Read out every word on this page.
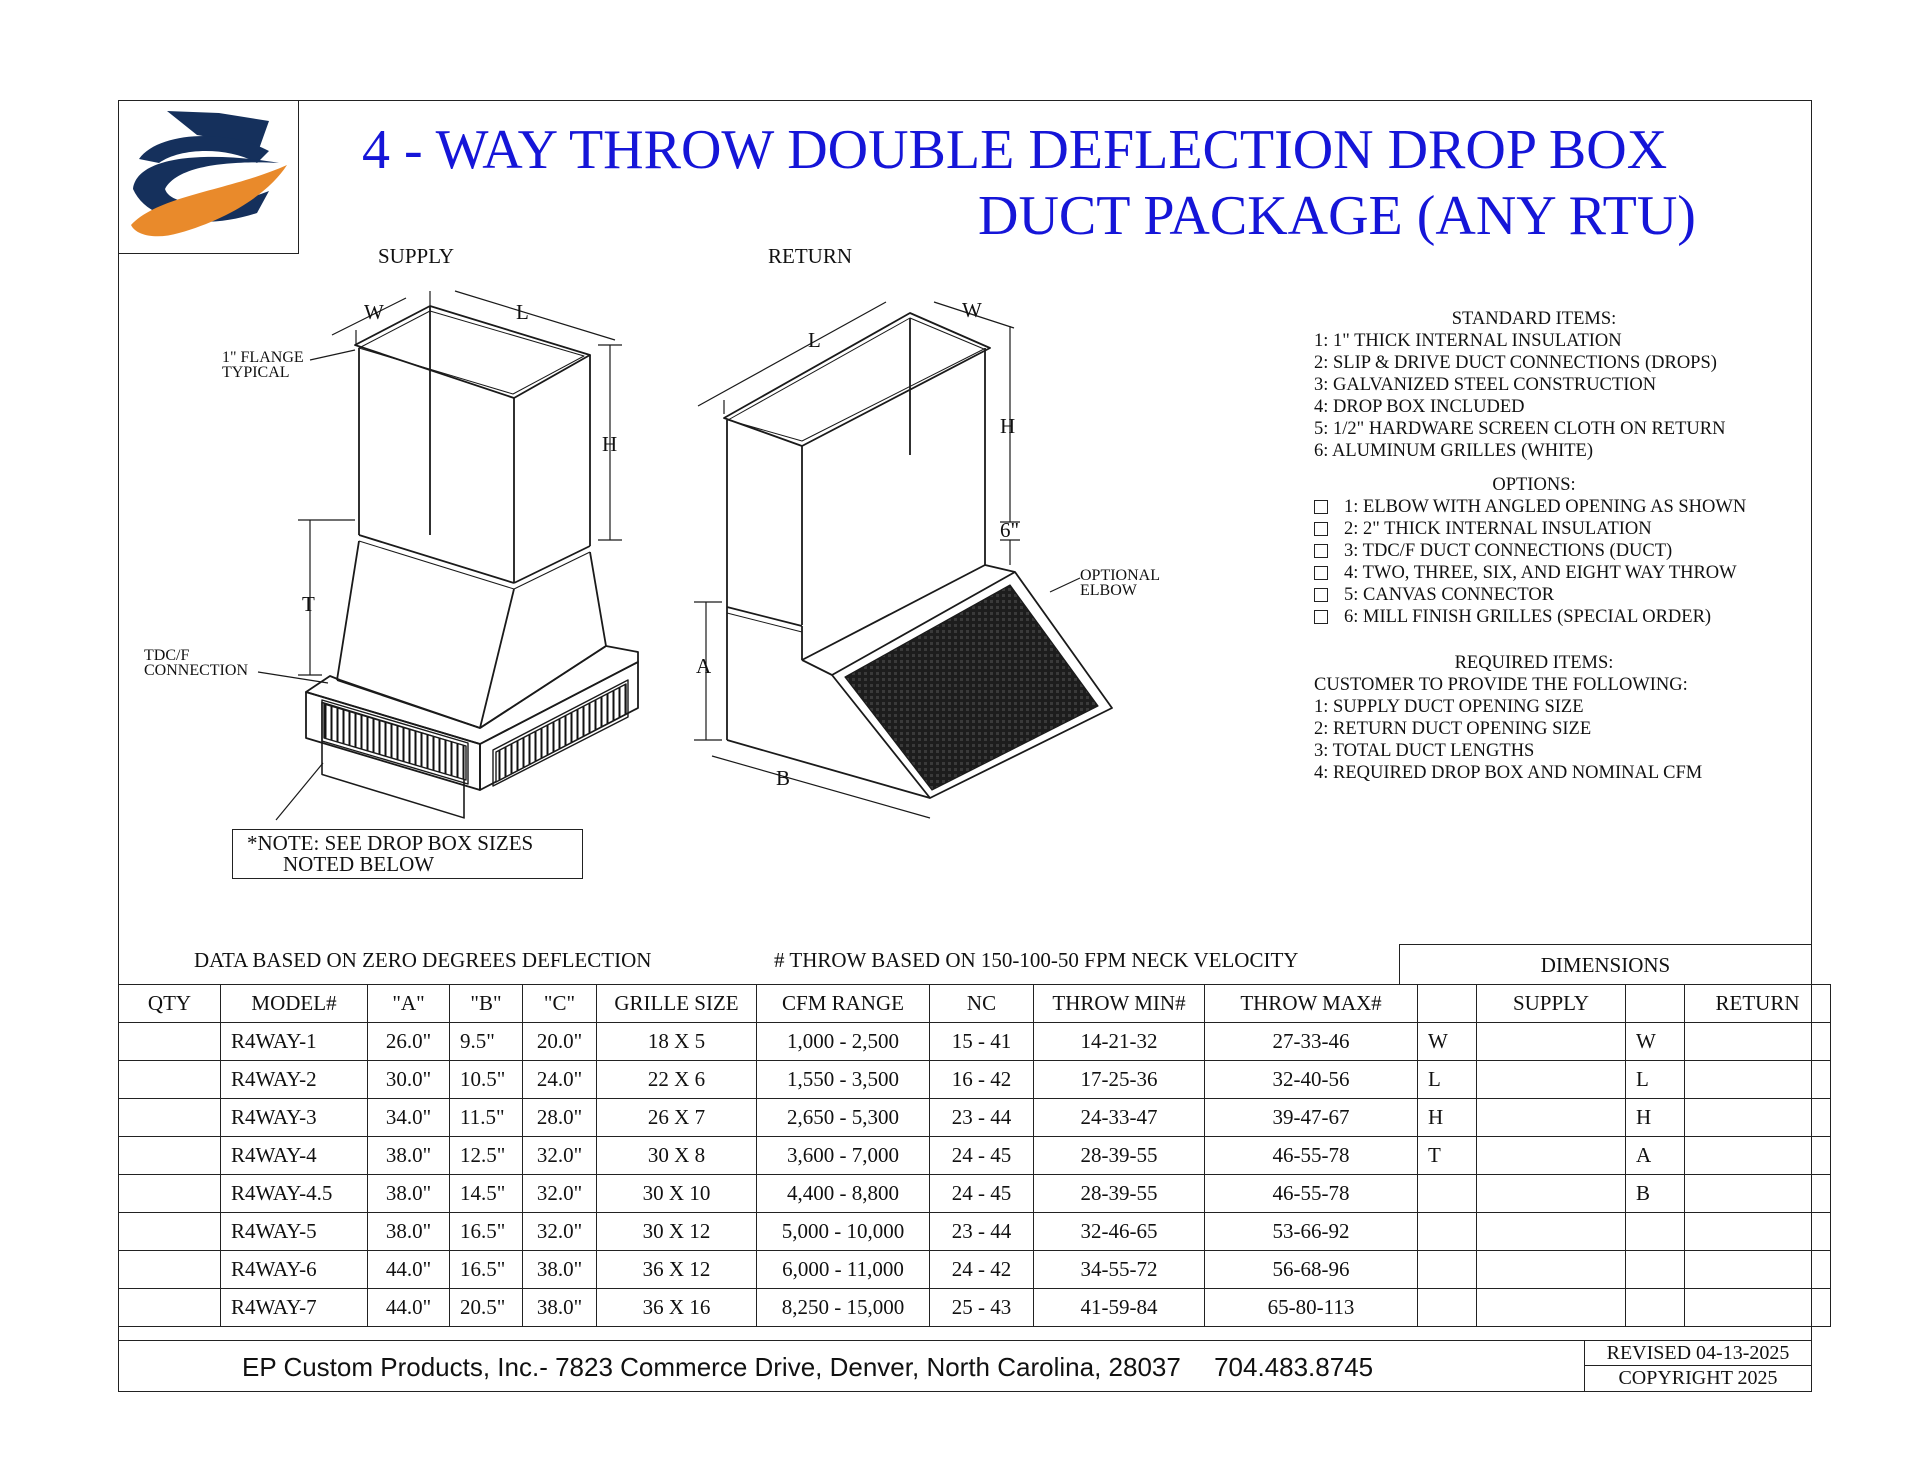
4 - WAY THROW DOUBLE DEFLECTION DROP BOX
DUCT PACKAGE (ANY RTU)
SUPPLY	RETURN
W	L
H
T
1" FLANGE
TYPICAL
TDC/F
CONNECTION
L
W
H
6"
A
B
OPTIONAL
ELBOW
*NOTE: SEE DROP BOX SIZES
NOTED BELOW
STANDARD ITEMS:
1: 1" THICK INTERNAL INSULATION
2: SLIP & DRIVE DUCT CONNECTIONS (DROPS)
3: GALVANIZED STEEL CONSTRUCTION
4: DROP BOX INCLUDED
5: 1/2" HARDWARE SCREEN CLOTH ON RETURN
6: ALUMINUM GRILLES (WHITE)
OPTIONS:
1: ELBOW WITH ANGLED OPENING AS SHOWN
2: 2" THICK INTERNAL INSULATION
3: TDC/F DUCT CONNECTIONS (DUCT)
4: TWO, THREE, SIX, AND EIGHT WAY THROW
5: CANVAS CONNECTOR
6: MILL FINISH GRILLES (SPECIAL ORDER)
REQUIRED ITEMS:
CUSTOMER TO PROVIDE THE FOLLOWING:
1: SUPPLY DUCT OPENING SIZE
2: RETURN DUCT OPENING SIZE
3: TOTAL DUCT LENGTHS
4: REQUIRED DROP BOX AND NOMINAL CFM
DATA BASED ON ZERO DEGREES DEFLECTION	# THROW BASED ON 150-100-50 FPM NECK VELOCITY	DIMENSIONS
QTY	MODEL#	"A"	"B"	"C"	GRILLE SIZE	CFM RANGE	NC	THROW MIN#	THROW MAX#		SUPPLY		RETURN
	R4WAY-1	26.0"	9.5"	20.0"	18 X 5	1,000 - 2,500	15 - 41	14-21-32	27-33-46	W		W	
	R4WAY-2	30.0"	10.5"	24.0"	22 X 6	1,550 - 3,500	16 - 42	17-25-36	32-40-56	L		L	
	R4WAY-3	34.0"	11.5"	28.0"	26 X 7	2,650 - 5,300	23 - 44	24-33-47	39-47-67	H		H	
	R4WAY-4	38.0"	12.5"	32.0"	30 X 8	3,600 - 7,000	24 - 45	28-39-55	46-55-78	T		A	
	R4WAY-4.5	38.0"	14.5"	32.0"	30 X 10	4,400 - 8,800	24 - 45	28-39-55	46-55-78			B	
	R4WAY-5	38.0"	16.5"	32.0"	30 X 12	5,000 - 10,000	23 - 44	32-46-65	53-66-92				
	R4WAY-6	44.0"	16.5"	38.0"	36 X 12	6,000 - 11,000	24 - 42	34-55-72	56-68-96				
	R4WAY-7	44.0"	20.5"	38.0"	36 X 16	8,250 - 15,000	25 - 43	41-59-84	65-80-113				
EP Custom Products, Inc.- 7823 Commerce Drive, Denver, North Carolina, 28037 704.483.8745	REVISED 04-13-2025
COPYRIGHT 2025
